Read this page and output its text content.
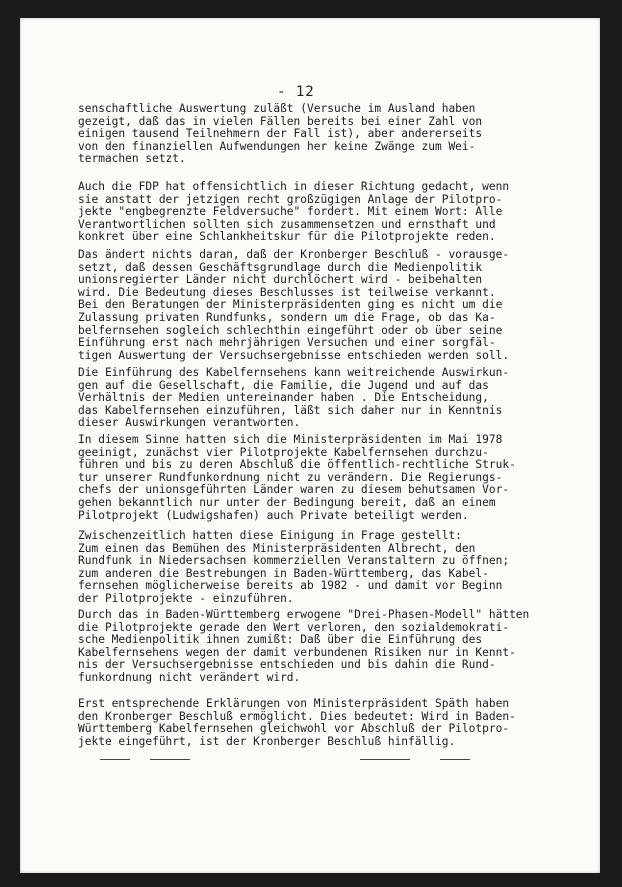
- 12
senschaftliche Auswertung zuläßt (Versuche im Ausland haben
gezeigt, daß das in vielen Fällen bereits bei einer Zahl von
einigen tausend Teilnehmern der Fall ist), aber andererseits
von den finanziellen Aufwendungen her keine Zwänge zum Wei-
termachen setzt.
Auch die FDP hat offensichtlich in dieser Richtung gedacht, wenn
sie anstatt der jetzigen recht großzügigen Anlage der Pilotpro-
jekte "engbegrenzte Feldversuche" fordert. Mit einem Wort: Alle
Verantwortlichen sollten sich zusammensetzen und ernsthaft und
konkret über eine Schlankheitskur für die Pilotprojekte reden.
Das ändert nichts daran, daß der Kronberger Beschluß - vorausge-
setzt, daß dessen Geschäftsgrundlage durch die Medienpolitik
unionsregierter Länder nicht durchlöchert wird - beibehalten
wird. Die Bedeutung dieses Beschlusses ist teilweise verkannt.
Bei den Beratungen der Ministerpräsidenten ging es nicht um die
Zulassung privaten Rundfunks, sondern um die Frage, ob das Ka-
belfernsehen sogleich schlechthin eingeführt oder ob über seine
Einführung erst nach mehrjährigen Versuchen und einer sorgfäl-
tigen Auswertung der Versuchsergebnisse entschieden werden soll.
Die Einführung des Kabelfernsehens kann weitreichende Auswirkun-
gen auf die Gesellschaft, die Familie, die Jugend und auf das
Verhältnis der Medien untereinander haben . Die Entscheidung,
das Kabelfernsehen einzuführen, läßt sich daher nur in Kenntnis
dieser Auswirkungen verantworten.
In diesem Sinne hatten sich die Ministerpräsidenten im Mai 1978
geeinigt, zunächst vier Pilotprojekte Kabelfernsehen durchzu-
führen und bis zu deren Abschluß die öffentlich-rechtliche Struk-
tur unserer Rundfunkordnung nicht zu verändern. Die Regierungs-
chefs der unionsgeführten Länder waren zu diesem behutsamen Vor-
gehen bekanntlich nur unter der Bedingung bereit, daß an einem
Pilotprojekt (Ludwigshafen) auch Private beteiligt werden.
Zwischenzeitlich hatten diese Einigung in Frage gestellt:
Zum einen das Bemühen des Ministerpräsidenten Albrecht, den
Rundfunk in Niedersachsen kommerziellen Veranstaltern zu öffnen;
zum anderen die Bestrebungen in Baden-Württemberg, das Kabel-
fernsehen möglicherweise bereits ab 1982 - und damit vor Beginn
der Pilotprojekte - einzuführen.
Durch das in Baden-Württemberg erwogene "Drei-Phasen-Modell" hätten
die Pilotprojekte gerade den Wert verloren, den sozialdemokrati-
sche Medienpolitik ihnen zumißt: Daß über die Einführung des
Kabelfernsehens wegen der damit verbundenen Risiken nur in Kennt-
nis der Versuchsergebnisse entschieden und bis dahin die Rund-
funkordnung nicht verändert wird.
Erst entsprechende Erklärungen von Ministerpräsident Späth haben
den Kronberger Beschluß ermöglicht. Dies bedeutet: Wird in Baden-
Württemberg Kabelfernsehen gleichwohl vor Abschluß der Pilotpro-
jekte eingeführt, ist der Kronberger Beschluß hinfällig.
